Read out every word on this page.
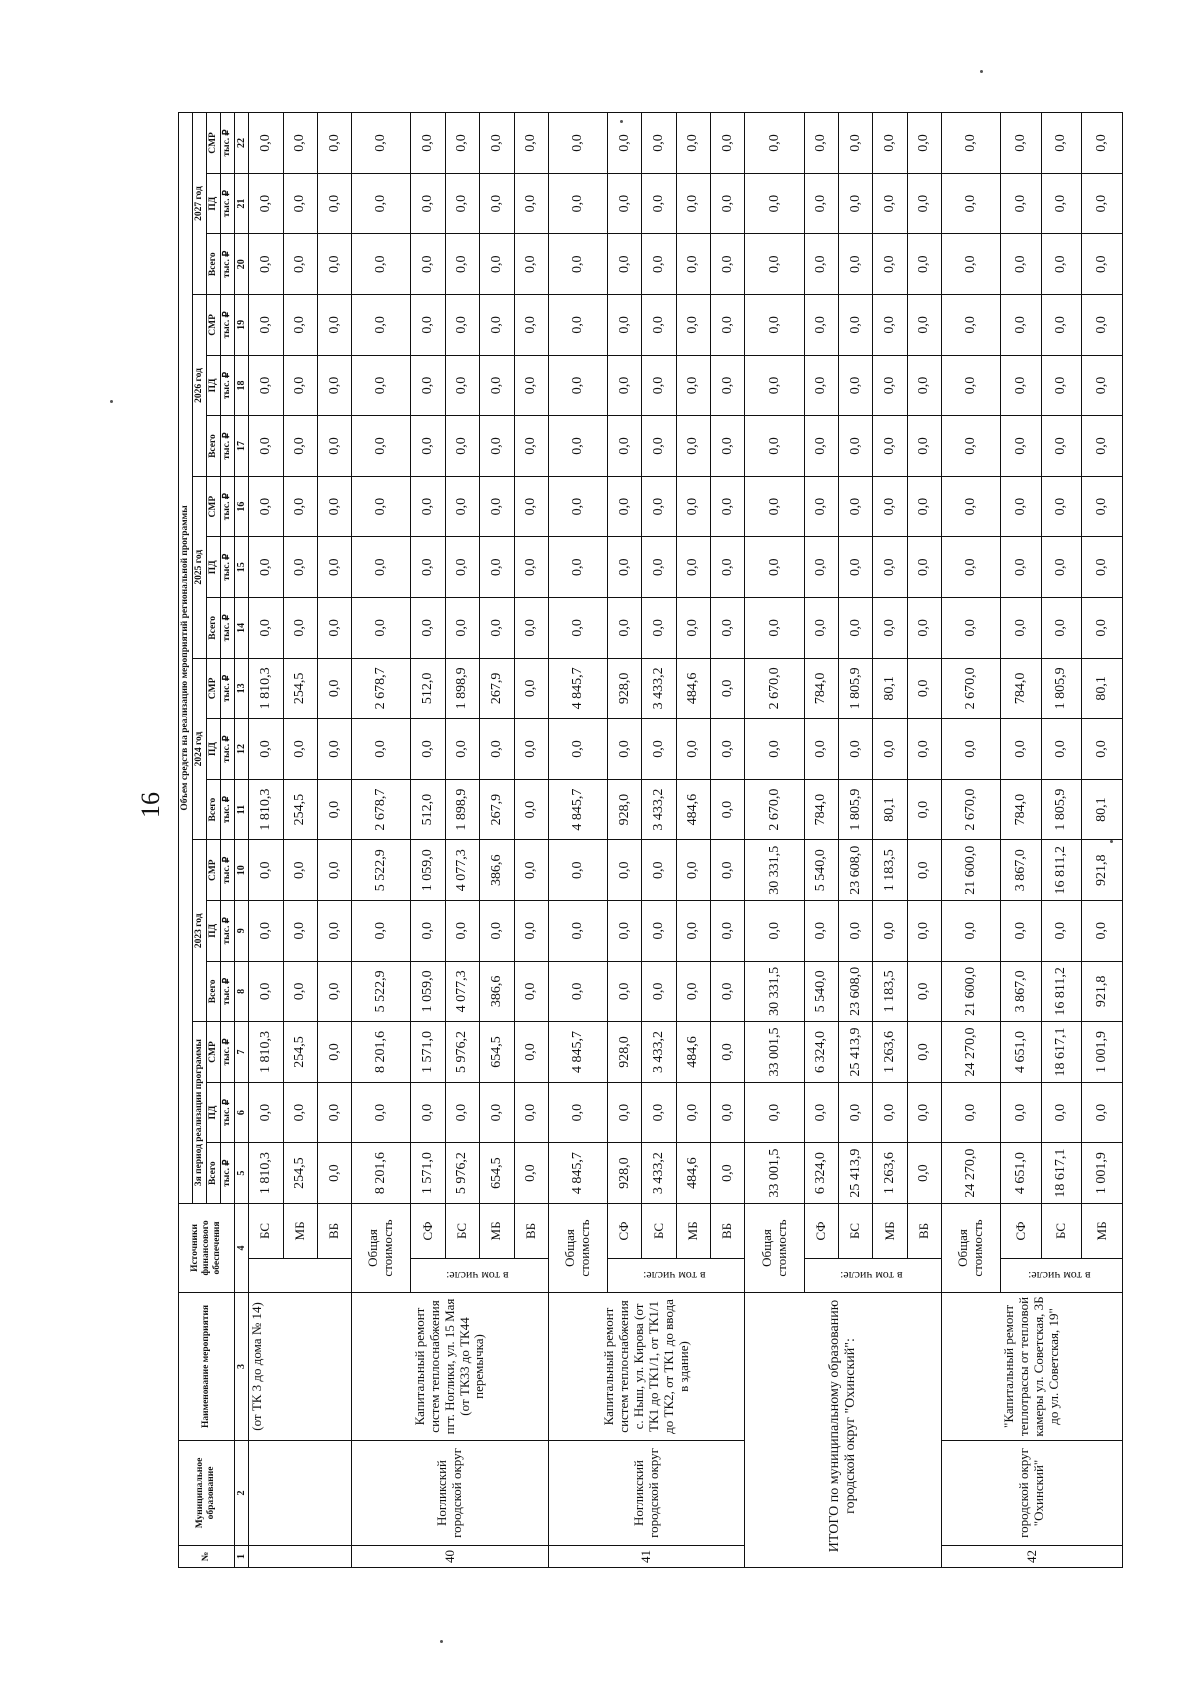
16
№	Муниципальное образование	Наименование мероприятия	Источники финансового обеспечения		Объем средств на реализацию мероприятий региональной программы																	
					3я период реализации программы			2023 год			2024 год			2025 год			2026 год			2027 год		
					Всего	ПД	СМР	Всего	ПД	СМР	Всего	ПД	СМР	Всего	ПД	СМР	Всего	ПД	СМР	Всего	ПД	СМР
					тыс. ₽	тыс. ₽	тыс. ₽	тыс. ₽	тыс. ₽	тыс. ₽	тыс. ₽	тыс. ₽	тыс. ₽	тыс. ₽	тыс. ₽	тыс. ₽	тыс. ₽	тыс. ₽	тыс. ₽	тыс. ₽	тыс. ₽	тыс. ₽
1	2	3	4		5	6	7	8	9	10	11	12	13	14	15	16	17	18	19	20	21	22
		(от ТК 3 до дома № 14)		БС	1 810,3	0,0	1 810,3	0,0	0,0	0,0	1 810,3	0,0	1 810,3	0,0	0,0	0,0	0,0	0,0	0,0	0,0	0,0	0,0
				МБ	254,5	0,0	254,5	0,0	0,0	0,0	254,5	0,0	254,5	0,0	0,0	0,0	0,0	0,0	0,0	0,0	0,0	0,0
				ВБ	0,0	0,0	0,0	0,0	0,0	0,0	0,0	0,0	0,0	0,0	0,0	0,0	0,0	0,0	0,0	0,0	0,0	0,0
40	Ногликский городской округ	Капитальный ремонт систем теплоснабжения пгт. Ноглики, ул. 15 Мая (от ТК33 до ТК44 перемычка)	Общая стоимость		8 201,6	0,0	8 201,6	5 522,9	0,0	5 522,9	2 678,7	0,0	2 678,7	0,0	0,0	0,0	0,0	0,0	0,0	0,0	0,0	0,0
			в том числе:	СФ	1 571,0	0,0	1 571,0	1 059,0	0,0	1 059,0	512,0	0,0	512,0	0,0	0,0	0,0	0,0	0,0	0,0	0,0	0,0	0,0
				БС	5 976,2	0,0	5 976,2	4 077,3	0,0	4 077,3	1 898,9	0,0	1 898,9	0,0	0,0	0,0	0,0	0,0	0,0	0,0	0,0	0,0
				МБ	654,5	0,0	654,5	386,6	0,0	386,6	267,9	0,0	267,9	0,0	0,0	0,0	0,0	0,0	0,0	0,0	0,0	0,0
				ВБ	0,0	0,0	0,0	0,0	0,0	0,0	0,0	0,0	0,0	0,0	0,0	0,0	0,0	0,0	0,0	0,0	0,0	0,0
41	Ногликский городской округ	Капитальный ремонт систем теплоснабжения с. Ныш, ул. Кирова (от ТК1 до ТК1/1, от ТК1/1 до ТК2, от ТК1 до ввода в здание)	Общая стоимость		4 845,7	0,0	4 845,7	0,0	0,0	0,0	4 845,7	0,0	4 845,7	0,0	0,0	0,0	0,0	0,0	0,0	0,0	0,0	0,0
			в том числе:	СФ	928,0	0,0	928,0	0,0	0,0	0,0	928,0	0,0	928,0	0,0	0,0	0,0	0,0	0,0	0,0	0,0	0,0	0,0
				БС	3 433,2	0,0	3 433,2	0,0	0,0	0,0	3 433,2	0,0	3 433,2	0,0	0,0	0,0	0,0	0,0	0,0	0,0	0,0	0,0
				МБ	484,6	0,0	484,6	0,0	0,0	0,0	484,6	0,0	484,6	0,0	0,0	0,0	0,0	0,0	0,0	0,0	0,0	0,0
				ВБ	0,0	0,0	0,0	0,0	0,0	0,0	0,0	0,0	0,0	0,0	0,0	0,0	0,0	0,0	0,0	0,0	0,0	0,0
ИТОГО по муниципальному образованию городской округ "Охинский":			Общая стоимость		33 001,5	0,0	33 001,5	30 331,5	0,0	30 331,5	2 670,0	0,0	2 670,0	0,0	0,0	0,0	0,0	0,0	0,0	0,0	0,0	0,0
			в том числе:	СФ	6 324,0	0,0	6 324,0	5 540,0	0,0	5 540,0	784,0	0,0	784,0	0,0	0,0	0,0	0,0	0,0	0,0	0,0	0,0	0,0
				БС	25 413,9	0,0	25 413,9	23 608,0	0,0	23 608,0	1 805,9	0,0	1 805,9	0,0	0,0	0,0	0,0	0,0	0,0	0,0	0,0	0,0
				МБ	1 263,6	0,0	1 263,6	1 183,5	0,0	1 183,5	80,1	0,0	80,1	0,0	0,0	0,0	0,0	0,0	0,0	0,0	0,0	0,0
				ВБ	0,0	0,0	0,0	0,0	0,0	0,0	0,0	0,0	0,0	0,0	0,0	0,0	0,0	0,0	0,0	0,0	0,0	0,0
42	городской округ "Охинский"	"Капитальный ремонт теплотрассы от тепловой камеры ул. Советская, 3Б до ул. Советская, 19"	Общая стоимость		24 270,0	0,0	24 270,0	21 600,0	0,0	21 600,0	2 670,0	0,0	2 670,0	0,0	0,0	0,0	0,0	0,0	0,0	0,0	0,0	0,0
			в том числе:	СФ	4 651,0	0,0	4 651,0	3 867,0	0,0	3 867,0	784,0	0,0	784,0	0,0	0,0	0,0	0,0	0,0	0,0	0,0	0,0	0,0
				БС	18 617,1	0,0	18 617,1	16 811,2	0,0	16 811,2	1 805,9	0,0	1 805,9	0,0	0,0	0,0	0,0	0,0	0,0	0,0	0,0	0,0
				МБ	1 001,9	0,0	1 001,9	921,8	0,0	921,8	80,1	0,0	80,1	0,0	0,0	0,0	0,0	0,0	0,0	0,0	0,0	0,0
